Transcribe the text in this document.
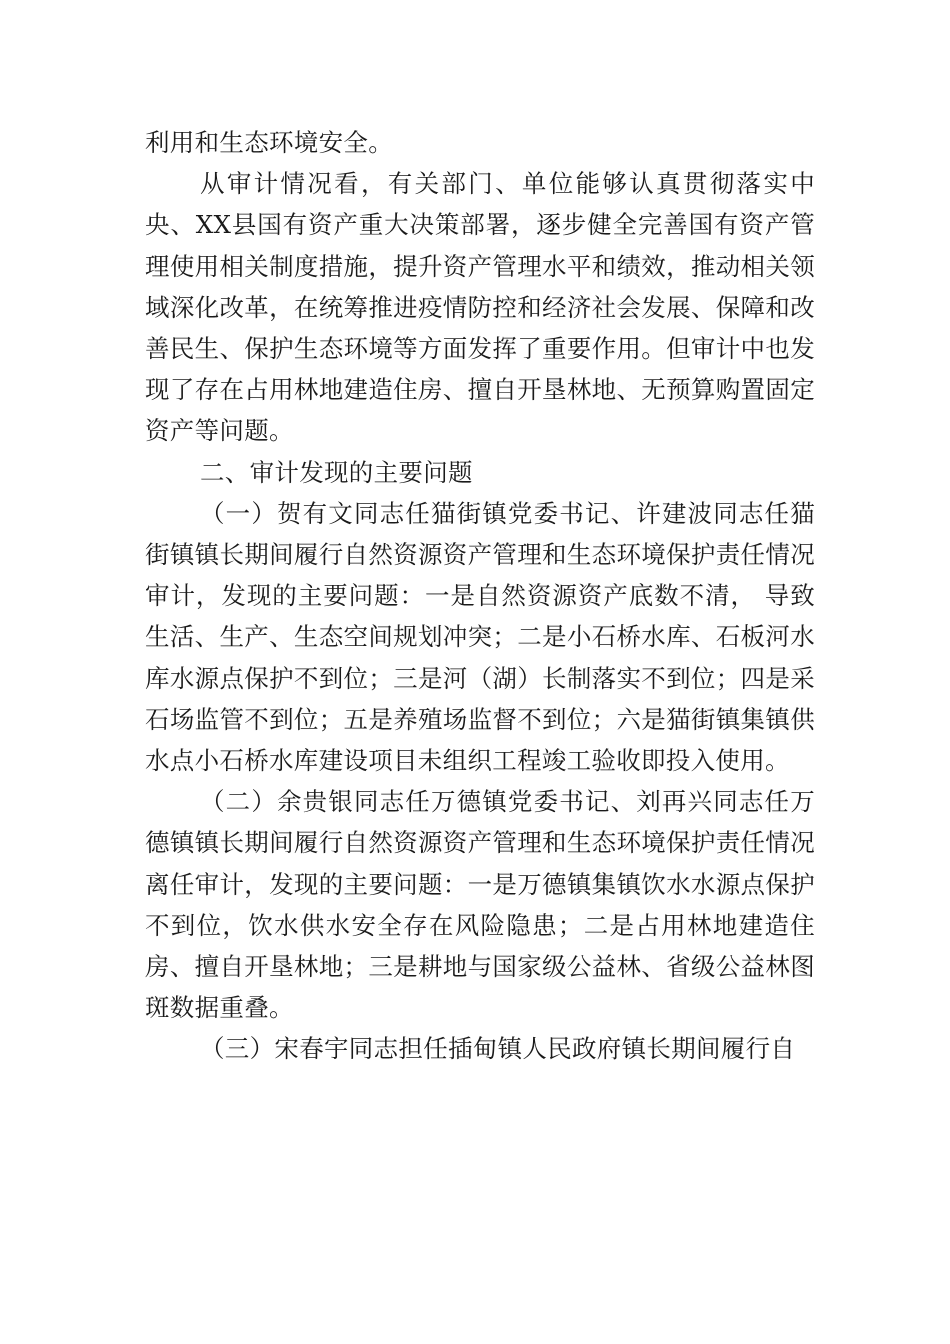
利用和生态环境安全。

从审计情况看，有关部门、单位能够认真贯彻落实中央、XX县国有资产重大决策部署，逐步健全完善国有资产管理使用相关制度措施，提升资产管理水平和绩效，推动相关领域深化改革，在统筹推进疫情防控和经济社会发展、保障和改善民生、保护生态环境等方面发挥了重要作用。但审计中也发现了存在占用林地建造住房、擅自开垦林地、无预算购置固定资产等问题。

二、审计发现的主要问题

（一）贺有文同志任猫街镇党委书记、许建波同志任猫街镇镇长期间履行自然资源资产管理和生态环境保护责任情况审计，发现的主要问题：一是自然资源资产底数不清， 导致生活、生产、生态空间规划冲突；二是小石桥水库、石板河水库水源点保护不到位；三是河（湖）长制落实不到位；四是采石场监管不到位；五是养殖场监督不到位；六是猫街镇集镇供水点小石桥水库建设项目未组织工程竣工验收即投入使用。

（二）余贵银同志任万德镇党委书记、刘再兴同志任万德镇镇长期间履行自然资源资产管理和生态环境保护责任情况离任审计，发现的主要问题：一是万德镇集镇饮水水源点保护不到位，饮水供水安全存在风险隐患；二是占用林地建造住房、擅自开垦林地；三是耕地与国家级公益林、省级公益林图斑数据重叠。

（三）宋春宇同志担任插甸镇人民政府镇长期间履行自
